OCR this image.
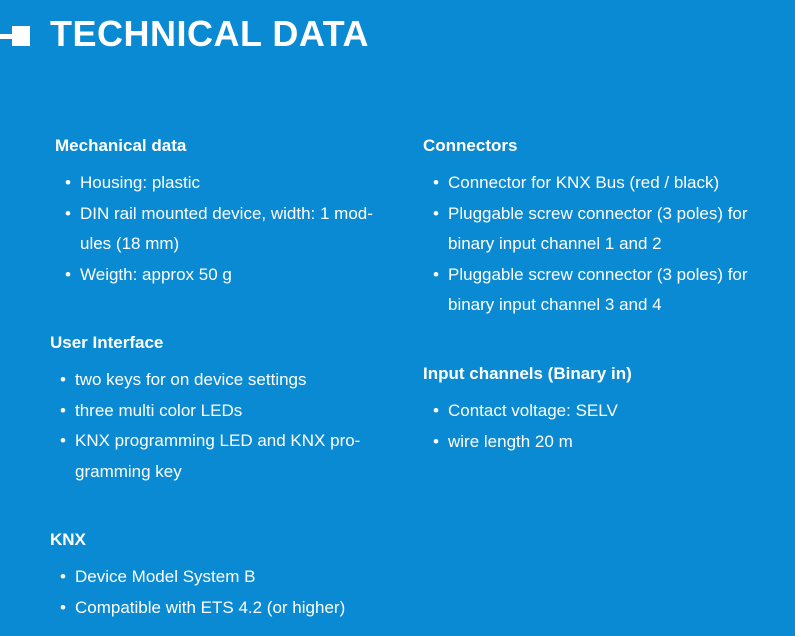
TECHNICAL DATA
Mechanical data
• Housing: plastic
• DIN rail mounted device, width: 1 mod-
ules (18 mm)
• Weigth: approx 50 g
User Interface
• two keys for on device settings
• three multi color LEDs
• KNX programming LED and KNX pro-
gramming key
KNX
• Device Model System B
• Compatible with ETS 4.2 (or higher)
Connectors
• Connector for KNX Bus (red / black)
• Pluggable screw connector (3 poles) for binary input channel 1 and 2
• Pluggable screw connector (3 poles) for binary input channel 3 and 4
Input channels (Binary in)
• Contact voltage: SELV
• wire length 20 m
